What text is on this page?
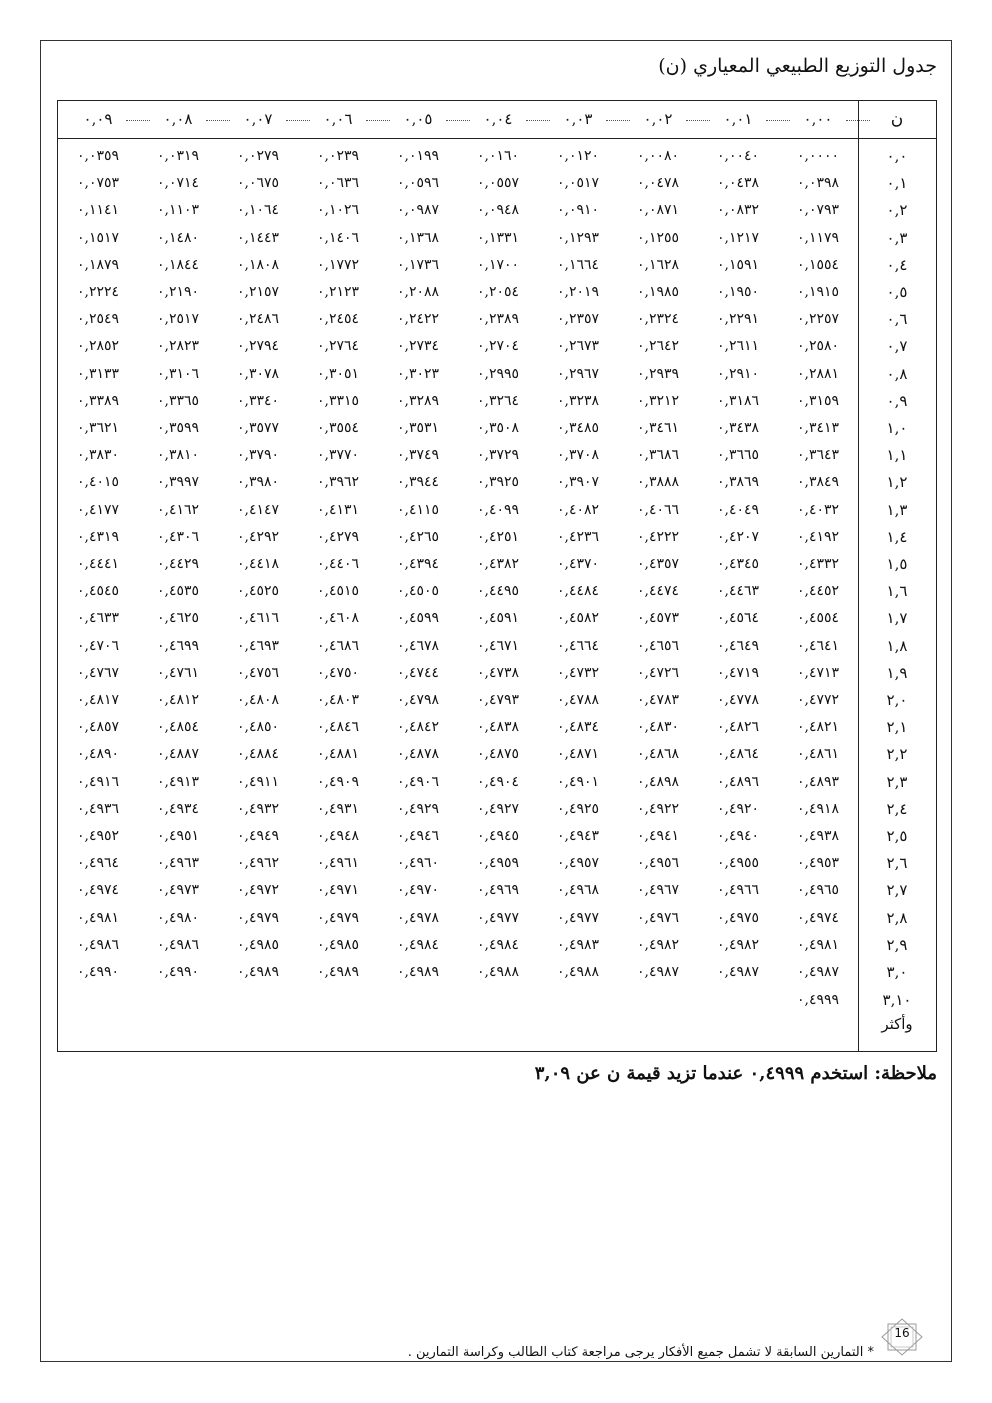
جدول التوزيع الطبيعي المعياري (ن)
ن
٠,٠٠
٠,٠١
٠,٠٢
٠,٠٣
٠,٠٤
٠,٠٥
٠,٠٦
٠,٠٧
٠,٠٨
٠,٠٩
٠,٠
٠,٠٠٠٠
٠,٠٠٤٠
٠,٠٠٨٠
٠,٠١٢٠
٠,٠١٦٠
٠,٠١٩٩
٠,٠٢٣٩
٠,٠٢٧٩
٠,٠٣١٩
٠,٠٣٥٩
٠,١
٠,٠٣٩٨
٠,٠٤٣٨
٠,٠٤٧٨
٠,٠٥١٧
٠,٠٥٥٧
٠,٠٥٩٦
٠,٠٦٣٦
٠,٠٦٧٥
٠,٠٧١٤
٠,٠٧٥٣
٠,٢
٠,٠٧٩٣
٠,٠٨٣٢
٠,٠٨٧١
٠,٠٩١٠
٠,٠٩٤٨
٠,٠٩٨٧
٠,١٠٢٦
٠,١٠٦٤
٠,١١٠٣
٠,١١٤١
٠,٣
٠,١١٧٩
٠,١٢١٧
٠,١٢٥٥
٠,١٢٩٣
٠,١٣٣١
٠,١٣٦٨
٠,١٤٠٦
٠,١٤٤٣
٠,١٤٨٠
٠,١٥١٧
٠,٤
٠,١٥٥٤
٠,١٥٩١
٠,١٦٢٨
٠,١٦٦٤
٠,١٧٠٠
٠,١٧٣٦
٠,١٧٧٢
٠,١٨٠٨
٠,١٨٤٤
٠,١٨٧٩
٠,٥
٠,١٩١٥
٠,١٩٥٠
٠,١٩٨٥
٠,٢٠١٩
٠,٢٠٥٤
٠,٢٠٨٨
٠,٢١٢٣
٠,٢١٥٧
٠,٢١٩٠
٠,٢٢٢٤
٠,٦
٠,٢٢٥٧
٠,٢٢٩١
٠,٢٣٢٤
٠,٢٣٥٧
٠,٢٣٨٩
٠,٢٤٢٢
٠,٢٤٥٤
٠,٢٤٨٦
٠,٢٥١٧
٠,٢٥٤٩
٠,٧
٠,٢٥٨٠
٠,٢٦١١
٠,٢٦٤٢
٠,٢٦٧٣
٠,٢٧٠٤
٠,٢٧٣٤
٠,٢٧٦٤
٠,٢٧٩٤
٠,٢٨٢٣
٠,٢٨٥٢
٠,٨
٠,٢٨٨١
٠,٢٩١٠
٠,٢٩٣٩
٠,٢٩٦٧
٠,٢٩٩٥
٠,٣٠٢٣
٠,٣٠٥١
٠,٣٠٧٨
٠,٣١٠٦
٠,٣١٣٣
٠,٩
٠,٣١٥٩
٠,٣١٨٦
٠,٣٢١٢
٠,٣٢٣٨
٠,٣٢٦٤
٠,٣٢٨٩
٠,٣٣١٥
٠,٣٣٤٠
٠,٣٣٦٥
٠,٣٣٨٩
١,٠
٠,٣٤١٣
٠,٣٤٣٨
٠,٣٤٦١
٠,٣٤٨٥
٠,٣٥٠٨
٠,٣٥٣١
٠,٣٥٥٤
٠,٣٥٧٧
٠,٣٥٩٩
٠,٣٦٢١
١,١
٠,٣٦٤٣
٠,٣٦٦٥
٠,٣٦٨٦
٠,٣٧٠٨
٠,٣٧٢٩
٠,٣٧٤٩
٠,٣٧٧٠
٠,٣٧٩٠
٠,٣٨١٠
٠,٣٨٣٠
١,٢
٠,٣٨٤٩
٠,٣٨٦٩
٠,٣٨٨٨
٠,٣٩٠٧
٠,٣٩٢٥
٠,٣٩٤٤
٠,٣٩٦٢
٠,٣٩٨٠
٠,٣٩٩٧
٠,٤٠١٥
١,٣
٠,٤٠٣٢
٠,٤٠٤٩
٠,٤٠٦٦
٠,٤٠٨٢
٠,٤٠٩٩
٠,٤١١٥
٠,٤١٣١
٠,٤١٤٧
٠,٤١٦٢
٠,٤١٧٧
١,٤
٠,٤١٩٢
٠,٤٢٠٧
٠,٤٢٢٢
٠,٤٢٣٦
٠,٤٢٥١
٠,٤٢٦٥
٠,٤٢٧٩
٠,٤٢٩٢
٠,٤٣٠٦
٠,٤٣١٩
١,٥
٠,٤٣٣٢
٠,٤٣٤٥
٠,٤٣٥٧
٠,٤٣٧٠
٠,٤٣٨٢
٠,٤٣٩٤
٠,٤٤٠٦
٠,٤٤١٨
٠,٤٤٢٩
٠,٤٤٤١
١,٦
٠,٤٤٥٢
٠,٤٤٦٣
٠,٤٤٧٤
٠,٤٤٨٤
٠,٤٤٩٥
٠,٤٥٠٥
٠,٤٥١٥
٠,٤٥٢٥
٠,٤٥٣٥
٠,٤٥٤٥
١,٧
٠,٤٥٥٤
٠,٤٥٦٤
٠,٤٥٧٣
٠,٤٥٨٢
٠,٤٥٩١
٠,٤٥٩٩
٠,٤٦٠٨
٠,٤٦١٦
٠,٤٦٢٥
٠,٤٦٣٣
١,٨
٠,٤٦٤١
٠,٤٦٤٩
٠,٤٦٥٦
٠,٤٦٦٤
٠,٤٦٧١
٠,٤٦٧٨
٠,٤٦٨٦
٠,٤٦٩٣
٠,٤٦٩٩
٠,٤٧٠٦
١,٩
٠,٤٧١٣
٠,٤٧١٩
٠,٤٧٢٦
٠,٤٧٣٢
٠,٤٧٣٨
٠,٤٧٤٤
٠,٤٧٥٠
٠,٤٧٥٦
٠,٤٧٦١
٠,٤٧٦٧
٢,٠
٠,٤٧٧٢
٠,٤٧٧٨
٠,٤٧٨٣
٠,٤٧٨٨
٠,٤٧٩٣
٠,٤٧٩٨
٠,٤٨٠٣
٠,٤٨٠٨
٠,٤٨١٢
٠,٤٨١٧
٢,١
٠,٤٨٢١
٠,٤٨٢٦
٠,٤٨٣٠
٠,٤٨٣٤
٠,٤٨٣٨
٠,٤٨٤٢
٠,٤٨٤٦
٠,٤٨٥٠
٠,٤٨٥٤
٠,٤٨٥٧
٢,٢
٠,٤٨٦١
٠,٤٨٦٤
٠,٤٨٦٨
٠,٤٨٧١
٠,٤٨٧٥
٠,٤٨٧٨
٠,٤٨٨١
٠,٤٨٨٤
٠,٤٨٨٧
٠,٤٨٩٠
٢,٣
٠,٤٨٩٣
٠,٤٨٩٦
٠,٤٨٩٨
٠,٤٩٠١
٠,٤٩٠٤
٠,٤٩٠٦
٠,٤٩٠٩
٠,٤٩١١
٠,٤٩١٣
٠,٤٩١٦
٢,٤
٠,٤٩١٨
٠,٤٩٢٠
٠,٤٩٢٢
٠,٤٩٢٥
٠,٤٩٢٧
٠,٤٩٢٩
٠,٤٩٣١
٠,٤٩٣٢
٠,٤٩٣٤
٠,٤٩٣٦
٢,٥
٠,٤٩٣٨
٠,٤٩٤٠
٠,٤٩٤١
٠,٤٩٤٣
٠,٤٩٤٥
٠,٤٩٤٦
٠,٤٩٤٨
٠,٤٩٤٩
٠,٤٩٥١
٠,٤٩٥٢
٢,٦
٠,٤٩٥٣
٠,٤٩٥٥
٠,٤٩٥٦
٠,٤٩٥٧
٠,٤٩٥٩
٠,٤٩٦٠
٠,٤٩٦١
٠,٤٩٦٢
٠,٤٩٦٣
٠,٤٩٦٤
٢,٧
٠,٤٩٦٥
٠,٤٩٦٦
٠,٤٩٦٧
٠,٤٩٦٨
٠,٤٩٦٩
٠,٤٩٧٠
٠,٤٩٧١
٠,٤٩٧٢
٠,٤٩٧٣
٠,٤٩٧٤
٢,٨
٠,٤٩٧٤
٠,٤٩٧٥
٠,٤٩٧٦
٠,٤٩٧٧
٠,٤٩٧٧
٠,٤٩٧٨
٠,٤٩٧٩
٠,٤٩٧٩
٠,٤٩٨٠
٠,٤٩٨١
٢,٩
٠,٤٩٨١
٠,٤٩٨٢
٠,٤٩٨٢
٠,٤٩٨٣
٠,٤٩٨٤
٠,٤٩٨٤
٠,٤٩٨٥
٠,٤٩٨٥
٠,٤٩٨٦
٠,٤٩٨٦
٣,٠
٠,٤٩٨٧
٠,٤٩٨٧
٠,٤٩٨٧
٠,٤٩٨٨
٠,٤٩٨٨
٠,٤٩٨٩
٠,٤٩٨٩
٠,٤٩٨٩
٠,٤٩٩٠
٠,٤٩٩٠
٣,١٠
وأكثر
٠,٤٩٩٩
ملاحظة: استخدم ٠,٤٩٩٩ عندما تزيد قيمة ن عن ٣,٠٩
16
* التمارين السابقة لا تشمل جميع الأفكار يرجى مراجعة كتاب الطالب وكراسة التمارين .
